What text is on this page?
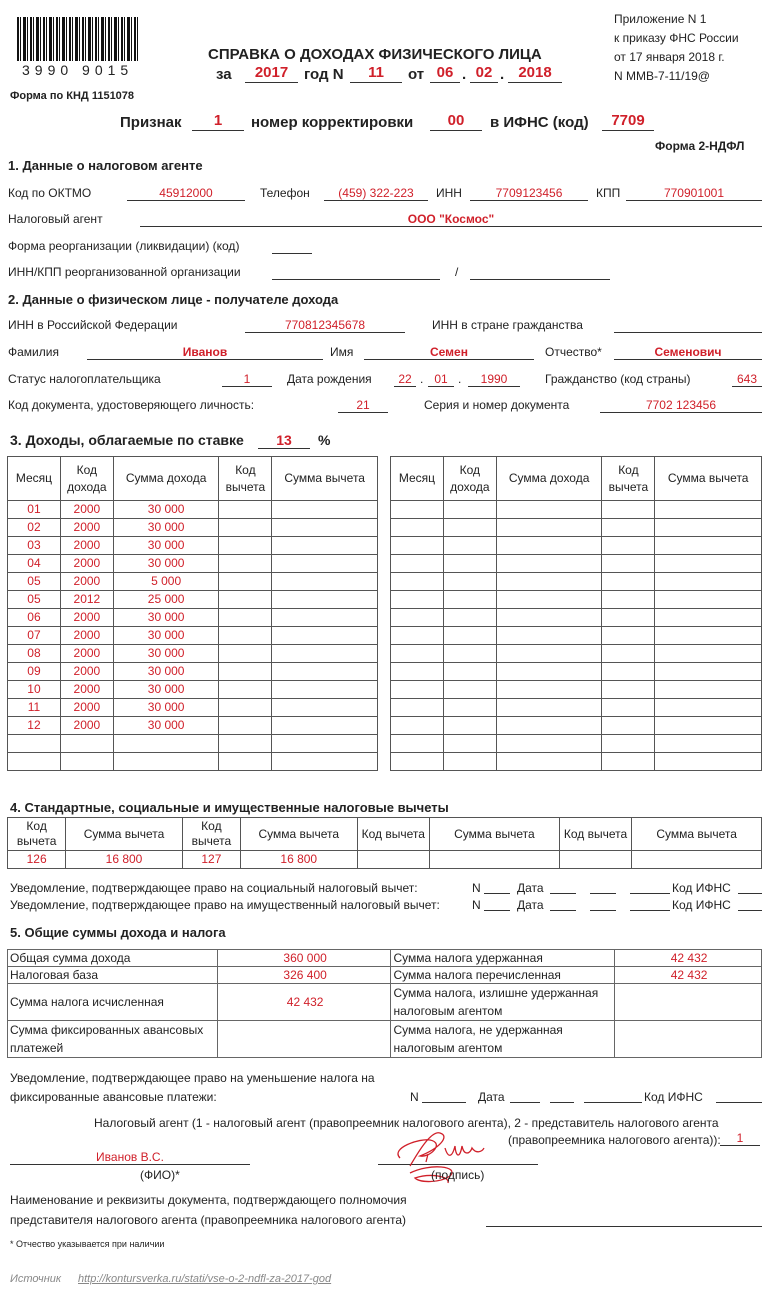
3990 9015
Форма по КНД 1151078
Приложение N 1
к приказу ФНС России
от 17 января 2018 г.
N ММВ-7-11/19@
СПРАВКА О ДОХОДАХ ФИЗИЧЕСКОГО ЛИЦА
за	2017	год N	11	от 06 . 02 . 2018
Признак	1	номер корректировки	00	в ИФНС (код)	7709
Форма 2-НДФЛ
1. Данные о налоговом агенте
Код по ОКТМО	45912000	Телефон	(459) 322-223	ИНН	7709123456	КПП	770901001
Налоговый агент	ООО "Космос"
Форма реорганизации (ликвидации) (код)
ИНН/КПП реорганизованной организации	/
2. Данные о физическом лице - получателе дохода
ИНН в Российской Федерации	770812345678	ИНН в стране гражданства
Фамилия	Иванов	Имя	Семен	Отчество*	Семенович
Статус налогоплательщика	1	Дата рождения	22 . 01 .	1990	Гражданство (код страны)	643
Код документа, удостоверяющего личность:	21	Серия и номер документа	7702 123456
3. Доходы, облагаемые по ставке	13	%
Месяц	Код дохода	Сумма дохода	Код вычета	Сумма вычета
01	2000	30 000		
02	2000	30 000		
03	2000	30 000		
04	2000	30 000		
05	2000	5 000		
05	2012	25 000		
06	2000	30 000		
07	2000	30 000		
08	2000	30 000		
09	2000	30 000		
10	2000	30 000		
11	2000	30 000		
12	2000	30 000		

Месяц	Код дохода	Сумма дохода	Код вычета	Сумма вычета

4. Стандартные, социальные и имущественные налоговые вычеты
Код вычета	Сумма вычета	Код вычета	Сумма вычета	Код вычета	Сумма вычета	Код вычета	Сумма вычета
126	16 800	127	16 800				
Уведомление, подтверждающее право на социальный налоговый вычет:
Уведомление, подтверждающее право на имущественный налоговый вычет:
N	Дата	Код ИФНС
N	Дата	Код ИФНС
5. Общие суммы дохода и налога
Общая сумма дохода	360 000	Сумма налога удержанная	42 432
Налоговая база	326 400	Сумма налога перечисленная	42 432
Сумма налога исчисленная	42 432	Сумма налога, излишне удержанная налоговым агентом	
Сумма фиксированных авансовых платежей		Сумма налога, не удержанная налоговым агентом	
Уведомление, подтверждающее право на уменьшение налога на
фиксированные авансовые платежи:	N	Дата	Код ИФНС
Налоговый агент (1 - налоговый агент (правопреемник налогового агента), 2 - представитель налогового агента
(правопреемника налогового агента)):	1
Иванов В.С.
(ФИО)*	(подпись)
Наименование и реквизиты документа, подтверждающего полномочия
представителя налогового агента (правопреемника налогового агента)
* Отчество указывается при наличии
Источник http://kontursverka.ru/stati/vse-o-2-ndfl-za-2017-god
